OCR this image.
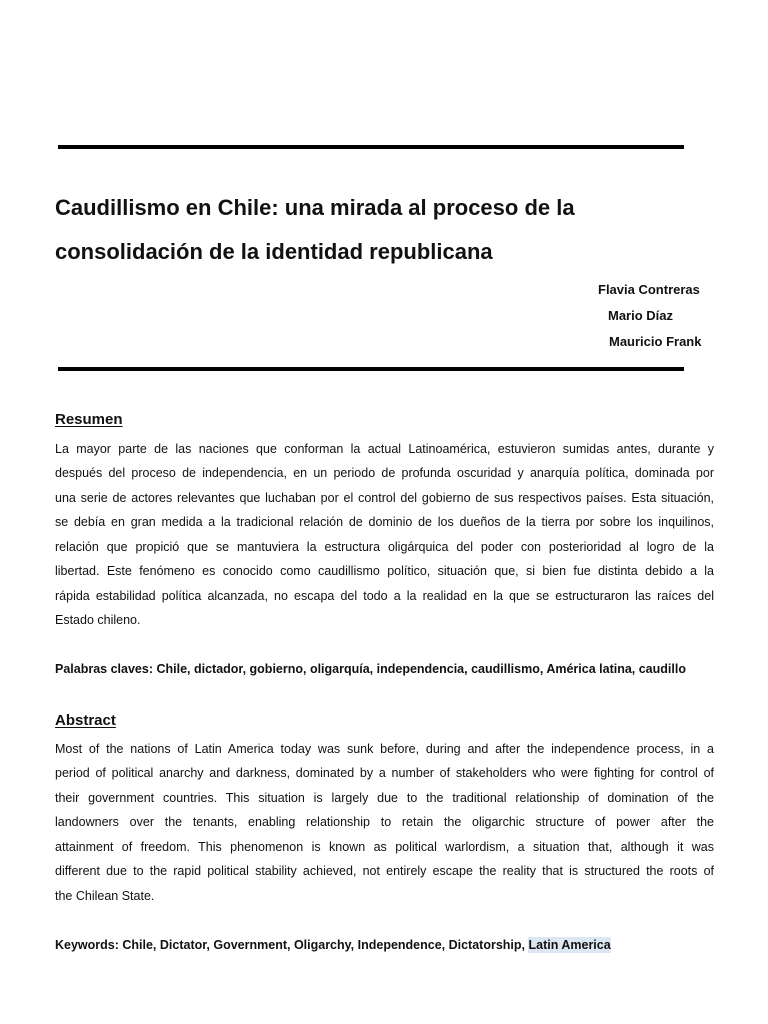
Caudillismo en Chile: una mirada al proceso de la
consolidación de la identidad republicana
Flavia Contreras
Mario Díaz
Mauricio Frank
Resumen
La mayor parte de las naciones que conforman la actual Latinoamérica, estuvieron sumidas antes, durante y
después del proceso de independencia, en un periodo de profunda oscuridad y anarquía política, dominada por
una serie de actores relevantes que luchaban por el control del gobierno de sus respectivos países. Esta situación,
se debía en gran medida a la tradicional relación de dominio de los dueños de la tierra por sobre los inquilinos,
relación que propició que se mantuviera la estructura oligárquica del poder con posterioridad al logro de la
libertad. Este fenómeno es conocido como caudillismo político, situación que, si bien fue distinta debido a la
rápida estabilidad política alcanzada, no escapa del todo a la realidad en la que se estructuraron las raíces del
Estado chileno.
Palabras claves: Chile, dictador, gobierno, oligarquía, independencia, caudillismo, América latina, caudillo
Abstract
Most of the nations of Latin America today was sunk before, during and after the independence process, in a
period of political anarchy and darkness, dominated by a number of stakeholders who were fighting for control of
their government countries. This situation is largely due to the traditional relationship of domination of the
landowners over the tenants, enabling relationship to retain the oligarchic structure of power after the
attainment of freedom. This phenomenon is known as political warlordism, a situation that, although it was
different due to the rapid political stability achieved, not entirely escape the reality that is structured the roots of
the Chilean State.
Keywords: Chile, Dictator, Government, Oligarchy, Independence, Dictatorship, Latin America
